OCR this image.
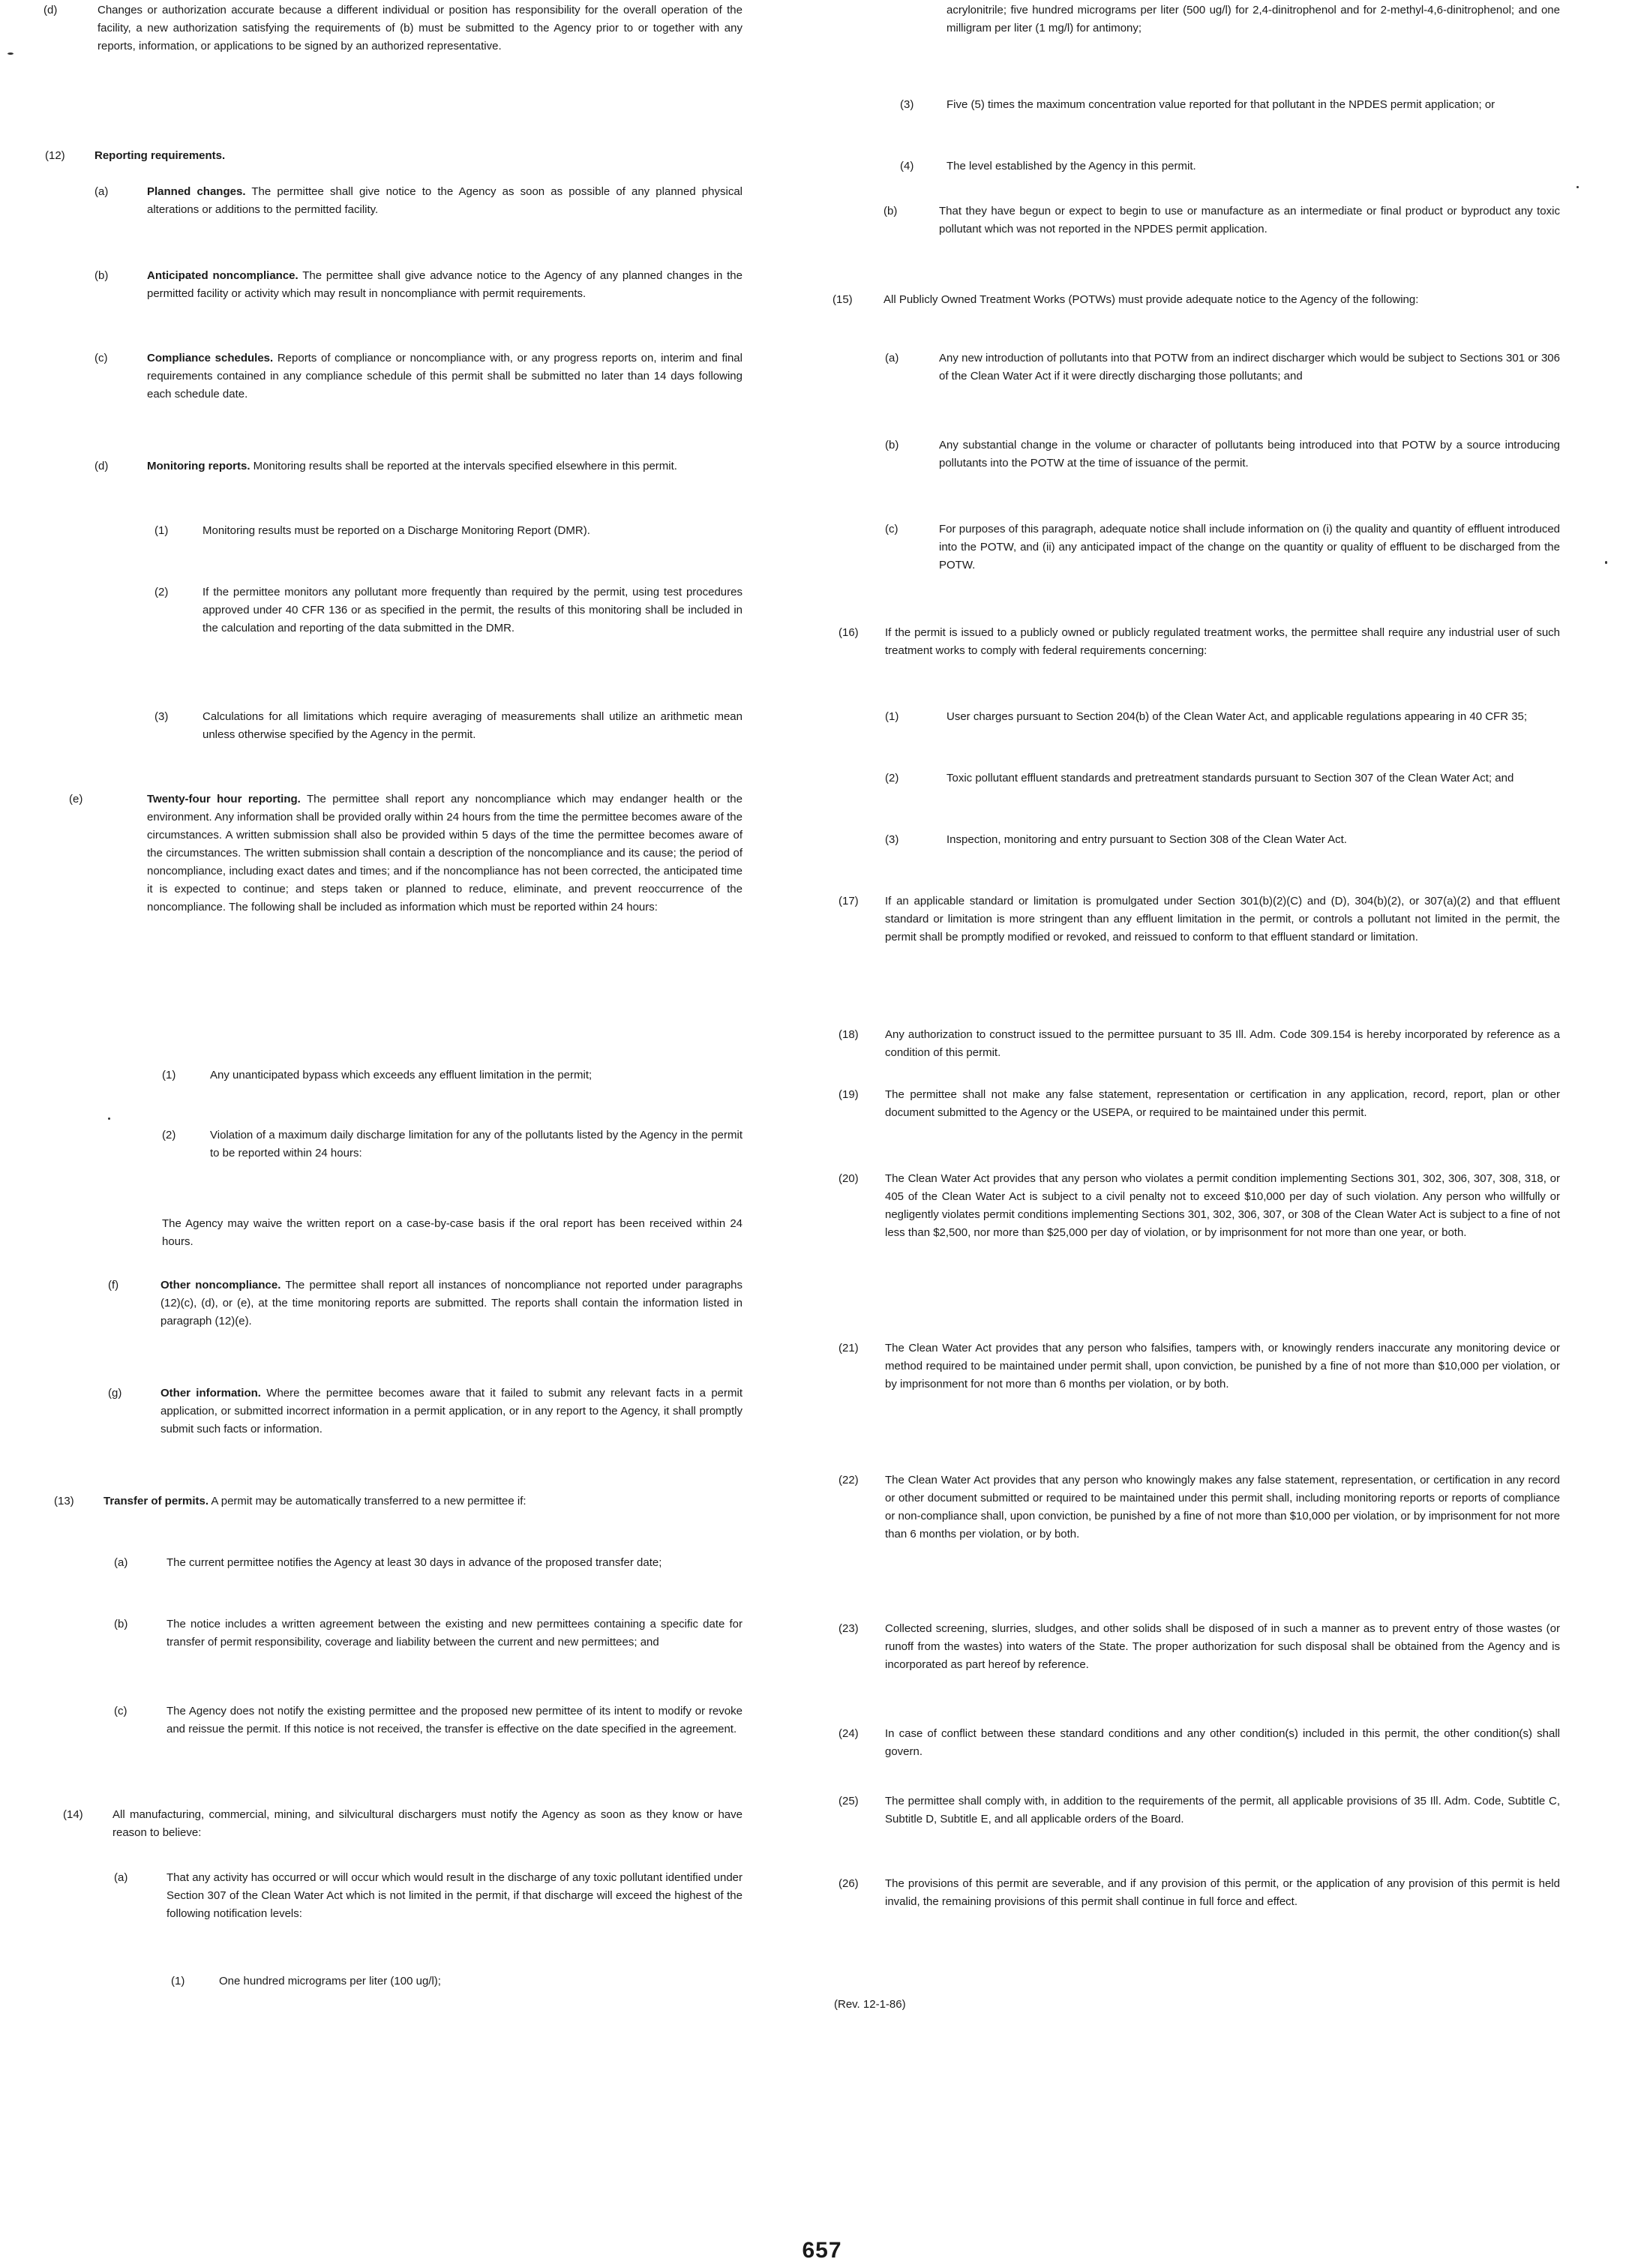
(d)	Changes or authorization accurate because a different individual or position has responsibility for the overall operation of the facility, a new authorization satisfying the requirements of (b) must be submitted to the Agency prior to or together with any reports, information, or applications to be signed by an authorized representative.
(12)	Reporting requirements.
(a)	Planned changes. The permittee shall give notice to the Agency as soon as possible of any planned physical alterations or additions to the permitted facility.
(b)	Anticipated noncompliance. The permittee shall give advance notice to the Agency of any planned changes in the permitted facility or activity which may result in noncompliance with permit requirements.
(c)	Compliance schedules. Reports of compliance or noncompliance with, or any progress reports on, interim and final requirements contained in any compliance schedule of this permit shall be submitted no later than 14 days following each schedule date.
(d)	Monitoring reports. Monitoring results shall be reported at the intervals specified elsewhere in this permit.
(1)	Monitoring results must be reported on a Discharge Monitoring Report (DMR).
(2)	If the permittee monitors any pollutant more frequently than required by the permit, using test procedures approved under 40 CFR 136 or as specified in the permit, the results of this monitoring shall be included in the calculation and reporting of the data submitted in the DMR.
(3)	Calculations for all limitations which require averaging of measurements shall utilize an arithmetic mean unless otherwise specified by the Agency in the permit.
(e)	Twenty-four hour reporting. The permittee shall report any noncompliance which may endanger health or the environment. Any information shall be provided orally within 24 hours from the time the permittee becomes aware of the circumstances. A written submission shall also be provided within 5 days of the time the permittee becomes aware of the circumstances. The written submission shall contain a description of the noncompliance and its cause; the period of noncompliance, including exact dates and times; and if the noncompliance has not been corrected, the anticipated time it is expected to continue; and steps taken or planned to reduce, eliminate, and prevent reoccurrence of the noncompliance. The following shall be included as information which must be reported within 24 hours:
(1)	Any unanticipated bypass which exceeds any effluent limitation in the permit;
(2)	Violation of a maximum daily discharge limitation for any of the pollutants listed by the Agency in the permit to be reported within 24 hours:
The Agency may waive the written report on a case-by-case basis if the oral report has been received within 24 hours.
(f)	Other noncompliance. The permittee shall report all instances of noncompliance not reported under paragraphs (12)(c), (d), or (e), at the time monitoring reports are submitted. The reports shall contain the information listed in paragraph (12)(e).
(g)	Other information. Where the permittee becomes aware that it failed to submit any relevant facts in a permit application, or submitted incorrect information in a permit application, or in any report to the Agency, it shall promptly submit such facts or information.
(13)	Transfer of permits. A permit may be automatically transferred to a new permittee if:
(a)	The current permittee notifies the Agency at least 30 days in advance of the proposed transfer date;
(b)	The notice includes a written agreement between the existing and new permittees containing a specific date for transfer of permit responsibility, coverage and liability between the current and new permittees; and
(c)	The Agency does not notify the existing permittee and the proposed new permittee of its intent to modify or revoke and reissue the permit. If this notice is not received, the transfer is effective on the date specified in the agreement.
(14)	All manufacturing, commercial, mining, and silvicultural dischargers must notify the Agency as soon as they know or have reason to believe:
(a)	That any activity has occurred or will occur which would result in the discharge of any toxic pollutant identified under Section 307 of the Clean Water Act which is not limited in the permit, if that discharge will exceed the highest of the following notification levels:
(1)	One hundred micrograms per liter (100 ug/l);
acrylonitrile; five hundred micrograms per liter (500 ug/l) for 2,4-dinitrophenol and for 2-methyl-4,6-dinitrophenol; and one milligram per liter (1 mg/l) for antimony;
(3)	Five (5) times the maximum concentration value reported for that pollutant in the NPDES permit application; or
(4)	The level established by the Agency in this permit.
(b)	That they have begun or expect to begin to use or manufacture as an intermediate or final product or byproduct any toxic pollutant which was not reported in the NPDES permit application.
(15)	All Publicly Owned Treatment Works (POTWs) must provide adequate notice to the Agency of the following:
(a)	Any new introduction of pollutants into that POTW from an indirect discharger which would be subject to Sections 301 or 306 of the Clean Water Act if it were directly discharging those pollutants; and
(b)	Any substantial change in the volume or character of pollutants being introduced into that POTW by a source introducing pollutants into the POTW at the time of issuance of the permit.
(c)	For purposes of this paragraph, adequate notice shall include information on (i) the quality and quantity of effluent introduced into the POTW, and (ii) any anticipated impact of the change on the quantity or quality of effluent to be discharged from the POTW.
(16)	If the permit is issued to a publicly owned or publicly regulated treatment works, the permittee shall require any industrial user of such treatment works to comply with federal requirements concerning:
(1)	User charges pursuant to Section 204(b) of the Clean Water Act, and applicable regulations appearing in 40 CFR 35;
(2)	Toxic pollutant effluent standards and pretreatment standards pursuant to Section 307 of the Clean Water Act; and
(3)	Inspection, monitoring and entry pursuant to Section 308 of the Clean Water Act.
(17)	If an applicable standard or limitation is promulgated under Section 301(b)(2)(C) and (D), 304(b)(2), or 307(a)(2) and that effluent standard or limitation is more stringent than any effluent limitation in the permit, or controls a pollutant not limited in the permit, the permit shall be promptly modified or revoked, and reissued to conform to that effluent standard or limitation.
(18)	Any authorization to construct issued to the permittee pursuant to 35 Ill. Adm. Code 309.154 is hereby incorporated by reference as a condition of this permit.
(19)	The permittee shall not make any false statement, representation or certification in any application, record, report, plan or other document submitted to the Agency or the USEPA, or required to be maintained under this permit.
(20)	The Clean Water Act provides that any person who violates a permit condition implementing Sections 301, 302, 306, 307, 308, 318, or 405 of the Clean Water Act is subject to a civil penalty not to exceed $10,000 per day of such violation. Any person who willfully or negligently violates permit conditions implementing Sections 301, 302, 306, 307, or 308 of the Clean Water Act is subject to a fine of not less than $2,500, nor more than $25,000 per day of violation, or by imprisonment for not more than one year, or both.
(21)	The Clean Water Act provides that any person who falsifies, tampers with, or knowingly renders inaccurate any monitoring device or method required to be maintained under permit shall, upon conviction, be punished by a fine of not more than $10,000 per violation, or by imprisonment for not more than 6 months per violation, or by both.
(22)	The Clean Water Act provides that any person who knowingly makes any false statement, representation, or certification in any record or other document submitted or required to be maintained under this permit shall, including monitoring reports or reports of compliance or non-compliance shall, upon conviction, be punished by a fine of not more than $10,000 per violation, or by imprisonment for not more than 6 months per violation, or by both.
(23)	Collected screening, slurries, sludges, and other solids shall be disposed of in such a manner as to prevent entry of those wastes (or runoff from the wastes) into waters of the State. The proper authorization for such disposal shall be obtained from the Agency and is incorporated as part hereof by reference.
(24)	In case of conflict between these standard conditions and any other condition(s) included in this permit, the other condition(s) shall govern.
(25)	The permittee shall comply with, in addition to the requirements of the permit, all applicable provisions of 35 Ill. Adm. Code, Subtitle C, Subtitle D, Subtitle E, and all applicable orders of the Board.
(26)	The provisions of this permit are severable, and if any provision of this permit, or the application of any provision of this permit is held invalid, the remaining provisions of this permit shall continue in full force and effect.
(Rev. 12-1-86)
657
